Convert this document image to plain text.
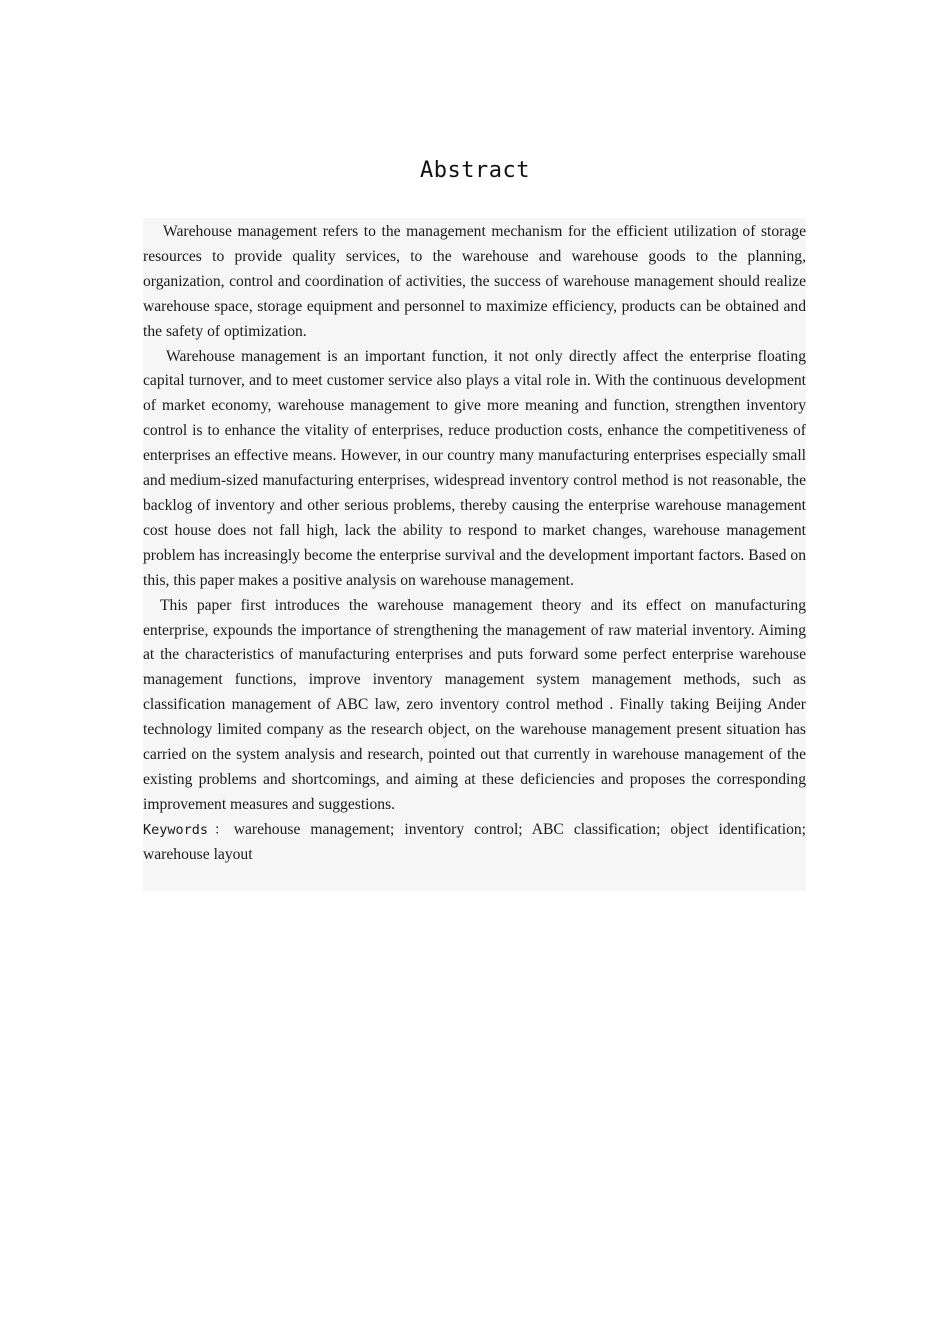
Abstract

Warehouse management refers to the management mechanism for the efficient utilization of storage resources to provide quality services, to the warehouse and warehouse goods to the planning, organization, control and coordination of activities, the success of warehouse management should realize warehouse space, storage equipment and personnel to maximize efficiency, products can be obtained and the safety of optimization.

Warehouse management is an important function, it not only directly affect the enterprise floating capital turnover, and to meet customer service also plays a vital role in. With the continuous development of market economy, warehouse management to give more meaning and function, strengthen inventory control is to enhance the vitality of enterprises, reduce production costs, enhance the competitiveness of enterprises an effective means. However, in our country many manufacturing enterprises especially small and medium-sized manufacturing enterprises, widespread inventory control method is not reasonable, the backlog of inventory and other serious problems, thereby causing the enterprise warehouse management cost house does not fall high, lack the ability to respond to market changes, warehouse management problem has increasingly become the enterprise survival and the development important factors. Based on this, this paper makes a positive analysis on warehouse management.

This paper first introduces the warehouse management theory and its effect on manufacturing enterprise, expounds the importance of strengthening the management of raw material inventory. Aiming at the characteristics of manufacturing enterprises and puts forward some perfect enterprise warehouse management functions, improve inventory management system management methods, such as classification management of ABC law, zero inventory control method . Finally taking Beijing Ander technology limited company as the research object, on the warehouse management present situation has carried on the system analysis and research, pointed out that currently in warehouse management of the existing problems and shortcomings, and aiming at these deficiencies and proposes the corresponding improvement measures and suggestions.

Keywords：warehouse management; inventory control; ABC classification; object identification; warehouse layout
